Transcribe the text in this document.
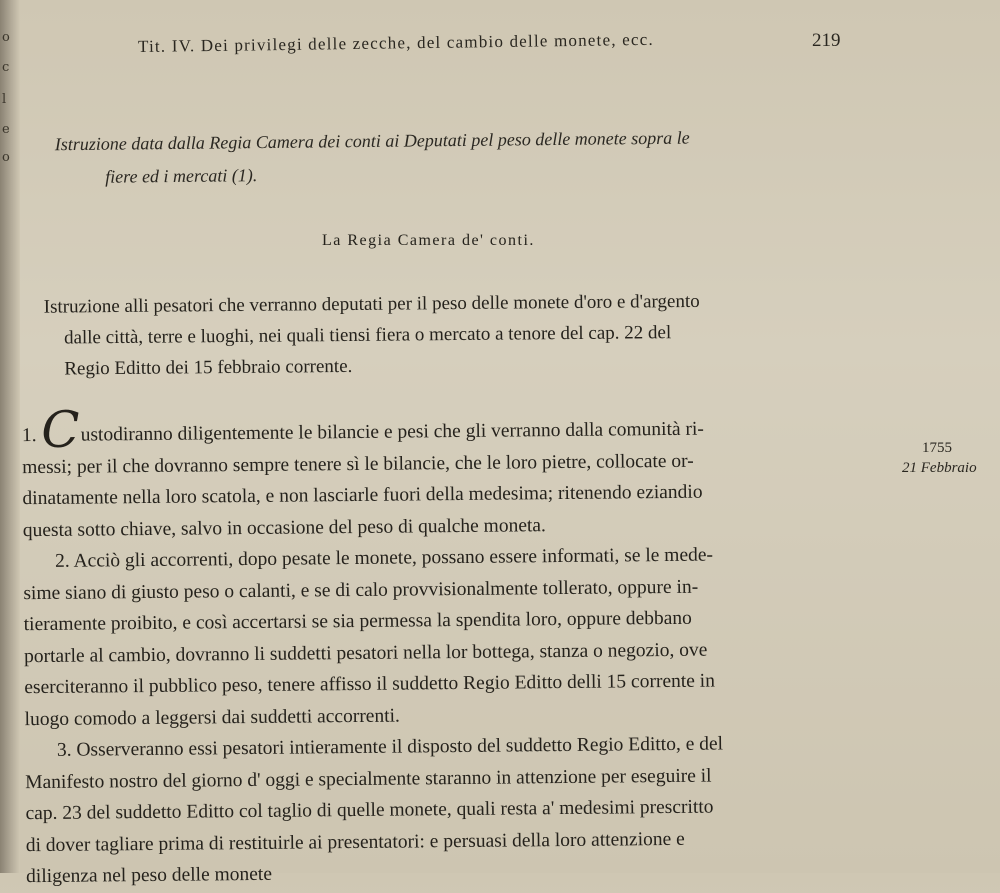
o
c
l
e
o
Tit. IV. Dei privilegi delle zecche, del cambio delle monete, ecc.	219
Istruzione data dalla Regia Camera dei conti ai Deputati pel peso delle monete sopra le
fiere ed i mercati (1).
La Regia Camera de' conti.
Istruzione alli pesatori che verranno deputati per il peso delle monete d'oro e d'argento
dalle città, terre e luoghi, nei quali tiensi fiera o mercato a tenore del cap. 22 del
Regio Editto dei 15 febbraio corrente.
1. Custodiranno diligentemente le bilancie e pesi che gli verranno dalla comunità ri-
messi; per il che dovranno sempre tenere sì le bilancie, che le loro pietre, collocate or-
dinatamente nella loro scatola, e non lasciarle fuori della medesima; ritenendo eziandio
questa sotto chiave, salvo in occasione del peso di qualche moneta.
2. Acciò gli accorrenti, dopo pesate le monete, possano essere informati, se le mede-
sime siano di giusto peso o calanti, e se di calo provvisionalmente tollerato, oppure in-
tieramente proibito, e così accertarsi se sia permessa la spendita loro, oppure debbano
portarle al cambio, dovranno li suddetti pesatori nella lor bottega, stanza o negozio, ove
eserciteranno il pubblico peso, tenere affisso il suddetto Regio Editto delli 15 corrente in
luogo comodo a leggersi dai suddetti accorrenti.
3. Osserveranno essi pesatori intieramente il disposto del suddetto Regio Editto, e del
Manifesto nostro del giorno d' oggi e specialmente staranno in attenzione per eseguire il
cap. 23 del suddetto Editto col taglio di quelle monete, quali resta a' medesimi prescritto
di dover tagliare prima di restituirle ai presentatori: e persuasi della loro attenzione e
diligenza nel peso delle monete
1755
21 Febbraio
